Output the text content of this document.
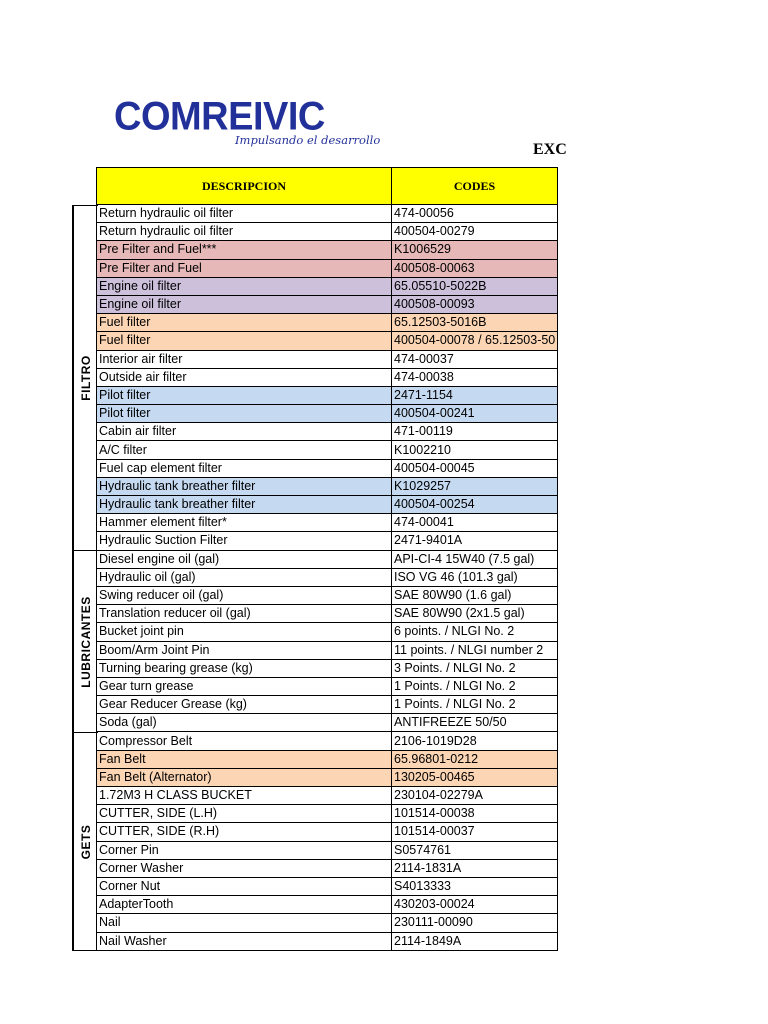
COMREIVIC
Impulsando el desarrollo
EXC
DESCRIPCION	CODES
Return hydraulic oil filter	474-00056
Return hydraulic oil filter	400504-00279
Pre Filter and Fuel***	K1006529
Pre Filter and Fuel	400508-00063
Engine oil filter	65.05510-5022B
Engine oil filter	400508-00093
Fuel filter	65.12503-5016B
Fuel filter	400504-00078 / 65.12503-50
Interior air filter	474-00037
Outside air filter	474-00038
Pilot filter	2471-1154
Pilot filter	400504-00241
Cabin air filter	471-00119
A/C filter	K1002210
Fuel cap element filter	400504-00045
Hydraulic tank breather filter	K1029257
Hydraulic tank breather filter	400504-00254
Hammer element filter*	474-00041
Hydraulic Suction Filter	2471-9401A
Diesel engine oil (gal)	API-CI-4 15W40 (7.5 gal)
Hydraulic oil (gal)	ISO VG 46 (101.3 gal)
Swing reducer oil (gal)	SAE 80W90 (1.6 gal)
Translation reducer oil (gal)	SAE 80W90 (2x1.5 gal)
Bucket joint pin	6 points. / NLGI No. 2
Boom/Arm Joint Pin	11 points. / NLGI number 2
Turning bearing grease (kg)	3 Points. / NLGI No. 2
Gear turn grease	1 Points. / NLGI No. 2
Gear Reducer Grease (kg)	1 Points. / NLGI No. 2
Soda (gal)	ANTIFREEZE 50/50
Compressor Belt	2106-1019D28
Fan Belt	65.96801-0212
Fan Belt (Alternator)	130205-00465
1.72M3 H CLASS BUCKET	230104-02279A
CUTTER, SIDE (L.H)	101514-00038
CUTTER, SIDE (R.H)	101514-00037
Corner Pin	S0574761
Corner Washer	2114-1831A
Corner Nut	S4013333
AdapterTooth	430203-00024
Nail	230111-00090
Nail Washer	2114-1849A
FILTRO
LUBRICANTES
GETS
